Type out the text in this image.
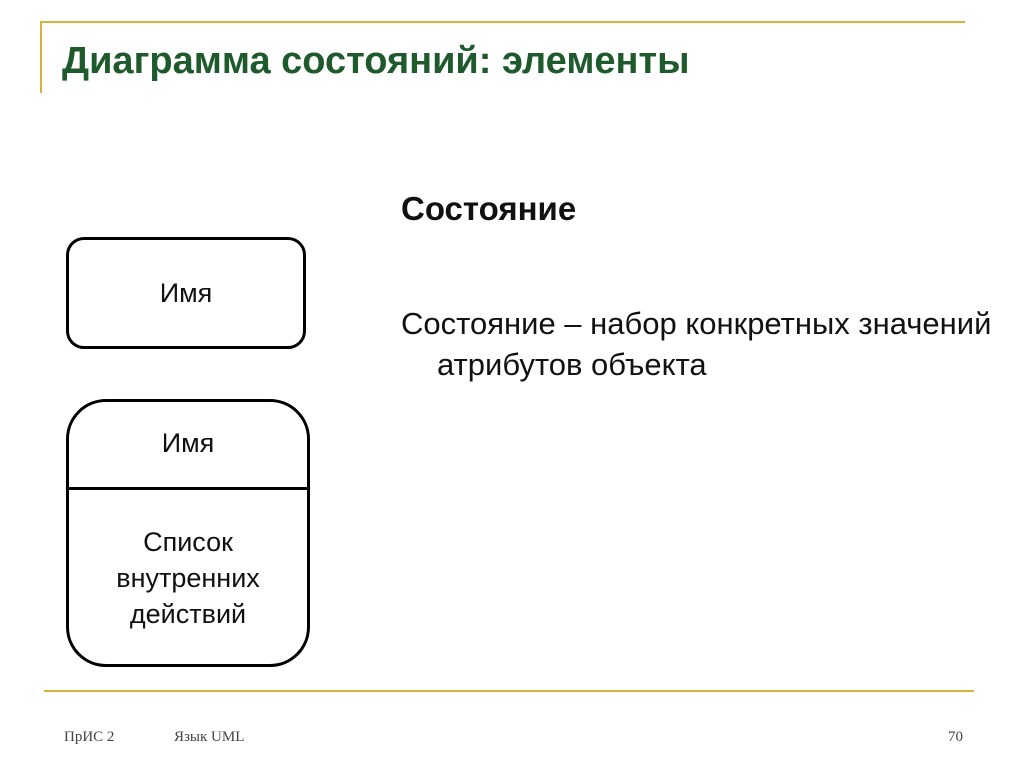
Диаграмма состояний: элементы
Имя
Имя
Список
внутренних
действий
Состояние
Состояние – набор конкретных значений атрибутов объекта
ПрИС 2	Язык UML	70
